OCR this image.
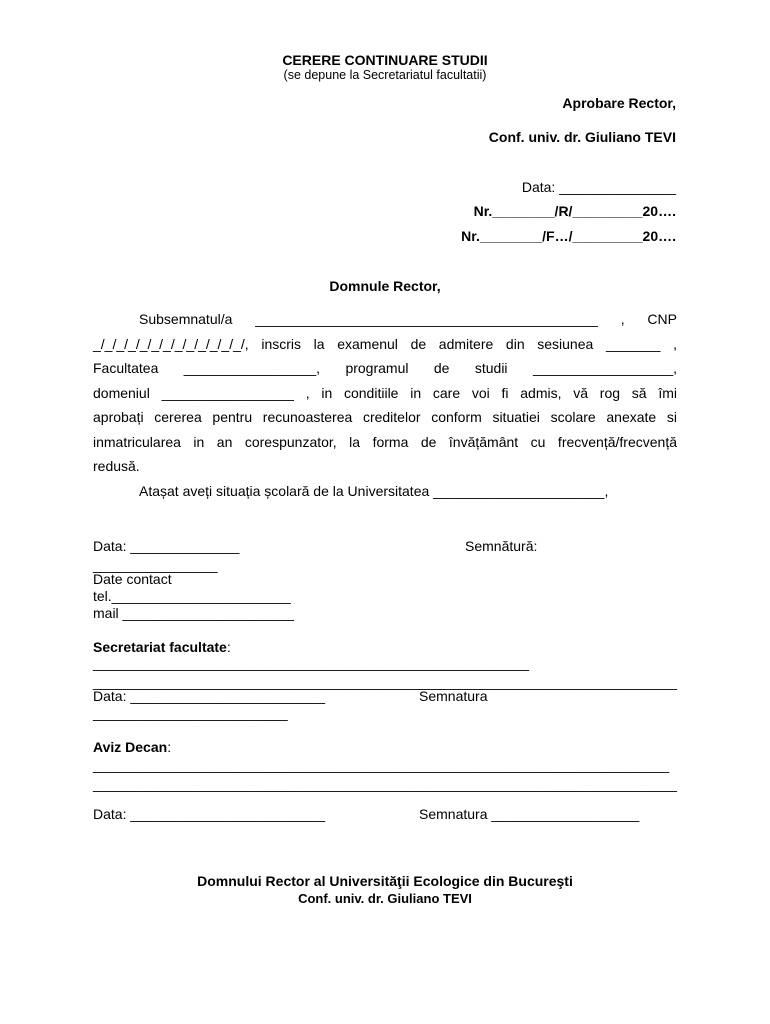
CERERE CONTINUARE STUDII
(se depune la Secretariatul facultatii)
Aprobare Rector,
Conf. univ. dr. Giuliano TEVI
Data: _______________
Nr.________/R/_________20….
Nr.________/F…/_________20….
Domnule Rector,

Subsemnatul/a ____________________________________________ , CNP

_/_/_/_/_/_/_/_/_/_/_/_/_/, inscris la examenul de admitere din sesiunea _______ ,

Facultatea _________________, programul de studii __________________,

domeniul _________________ , in conditiile in care voi fi admis, vă rog să îmi

aprobați cererea pentru recunoasterea creditelor conform situatiei scolare anexate si

inmatricularea in an corespunzator, la forma de învățământ cu frecvență/frecvență

redusă.

Atașat aveți situația școlară de la Universitatea ______________________,

Data: ______________	Semnătură:
________________
Date contact
tel._______________________
mail ______________________
Secretariat facultate:
________________________________________________________
___________________________________________________________________________
Data: _________________________	Semnatura
_________________________
Aviz Decan:
__________________________________________________________________________
___________________________________________________________________________
Data: _________________________	Semnatura ___________________
Domnului Rector al Universităţii Ecologice din Bucureşti
Conf. univ. dr. Giuliano TEVI
